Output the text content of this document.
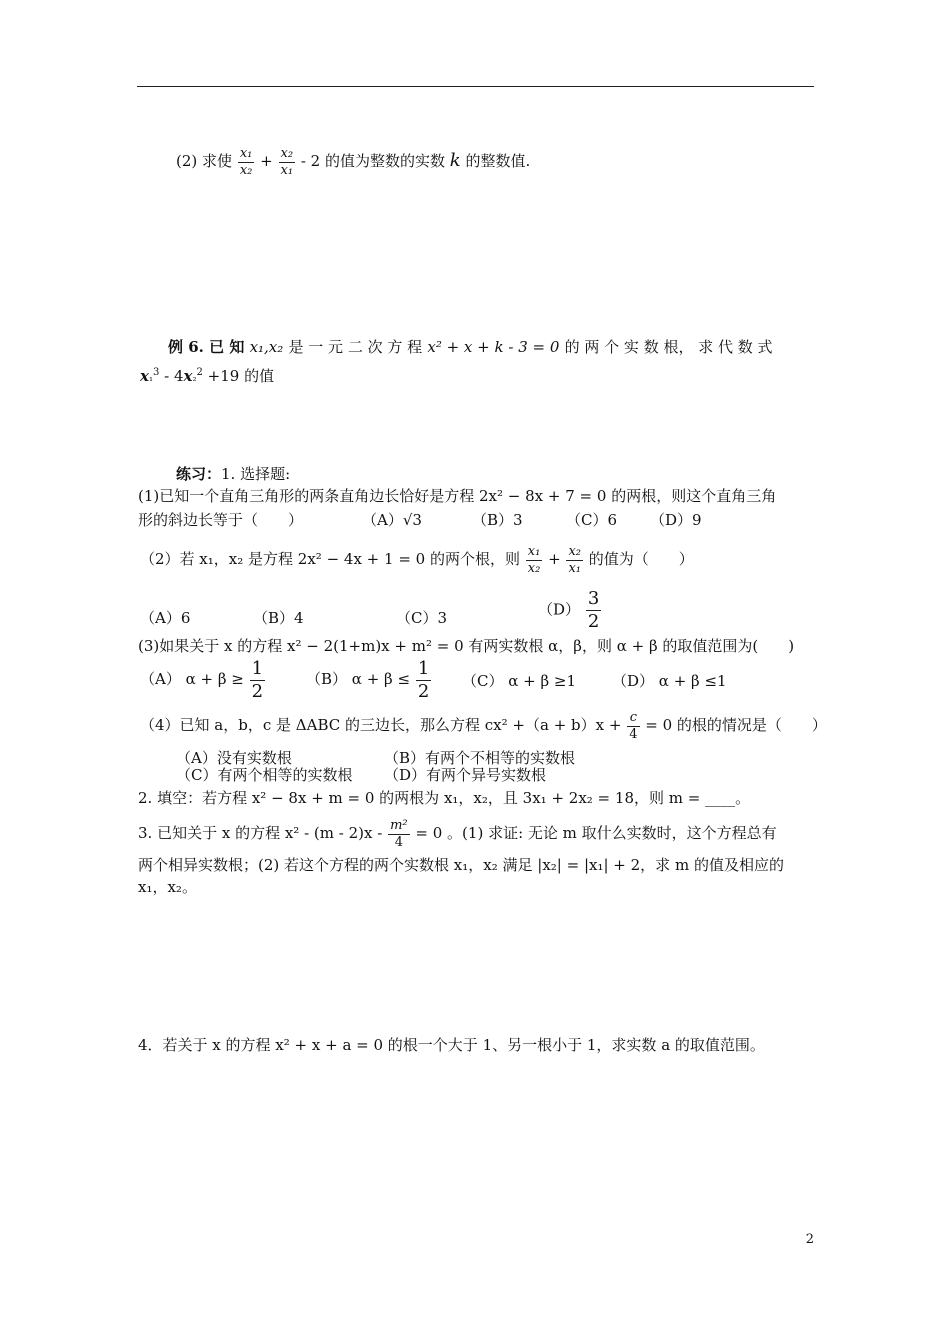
(2) 求使 $\frac{\text{x₁}}{\text{x₂}} + \frac{\text{x₂}}{\text{x₁}} - 2$ 的值为整数的实数 k 的整数值.
例 6. 已 知 x₁,x₂ 是 一 元 二 次 方 程 x² + x + k - 3 = 0 的 两 个 实 数 根， 求 代 数 式
x₁$^3$ - 4x₂$^2$ +19 的值
练习：1. 选择题:
(1)已知一个直角三角形的两条直角边长恰好是方程 2x² − 8x + 7 = 0 的两根，则这个直角三角
形的斜边长等于（　　）	（A）√3	（B）3	（C）6 （D）9
（2）若 x₁，x₂ 是方程 2x² − 4x + 1 = 0 的两个根，则 $\frac{\text{x₁}}{\text{x₂}} + \frac{\text{x₂}}{\text{x₁}}$ 的值为（　　）
（A）6	（B）4	（C）3	$(D) \frac{3}{2}$
(3)如果关于 x 的方程 x² − 2(1+m)x + m² = 0 有两实数根 α，β，则 α + β 的取值范围为(　　)
（A） $\alpha + \beta \ge \frac{1}{2}$	（B） $\alpha + \beta \le \frac{1}{2} (C) \alpha + \beta \ge 1$ （D） α + β ≤1
（4）已知 a，b，c 是 ΔABC 的三边长，那么方程 $cx^2 +(a + b)x + \frac{c}{4} = 0$ 的根的情况是（　　）
（A）没有实数根	（B）有两个不相等的实数根
（C）有两个相等的实数根 （D）有两个异号实数根
2. 填空：若方程 x² − 8x + m = 0 的两根为 x₁，x₂，且 3x₁ + 2x₂ = 18，则 m = ____。
3. 已知关于 x 的方程 $x^2 - (m - 2)x - \frac{\text{m²}}{4} = 0$ 。(1) 求证: 无论 m 取什么实数时，这个方程总有
两个相异实数根；(2) 若这个方程的两个实数根 x₁，x₂ 满足 |x₂| = |x₁| + 2，求 m 的值及相应的
x₁，x₂。
4．若关于 x 的方程 x² + x + a = 0 的根一个大于 1、另一根小于 1，求实数 a 的取值范围。
2
